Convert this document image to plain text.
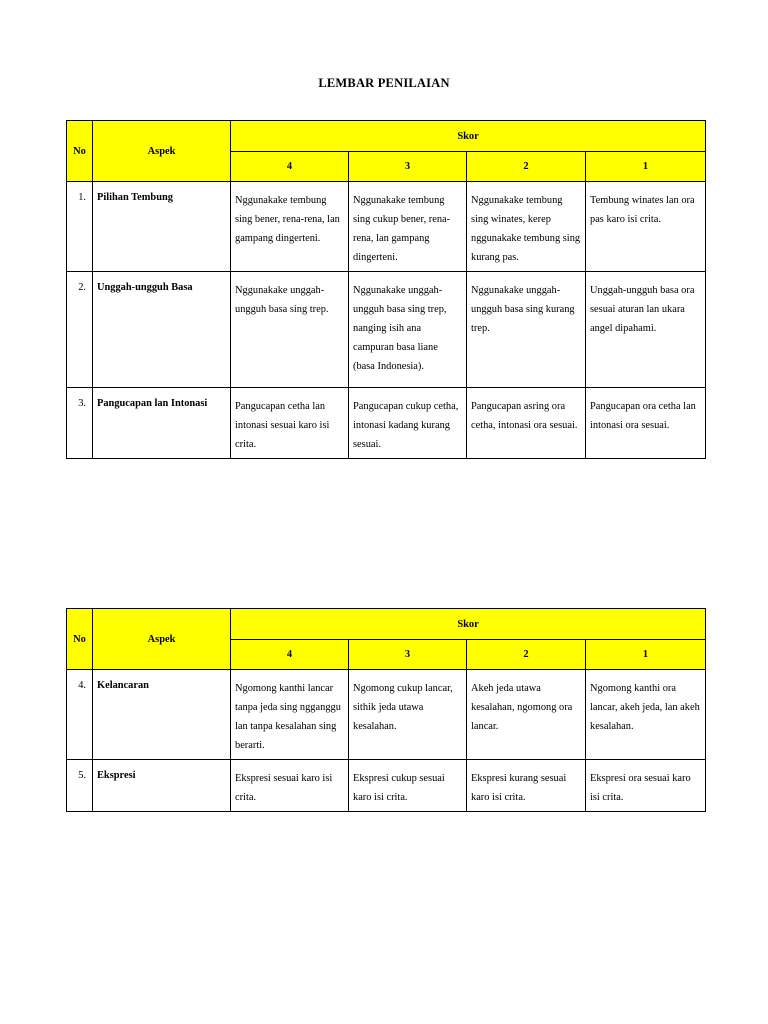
LEMBAR PENILAIAN
No	Aspek	Skor			
		4	3	2	1
1.	Pilihan Tembung	Nggunakake tembung sing bener, rena-rena, lan gampang dingerteni.	Nggunakake tembung sing cukup bener, rena-rena, lan gampang dingerteni.	Nggunakake tembung sing winates, kerep nggunakake tembung sing kurang pas.	Tembung winates lan ora pas karo isi crita.
2.	Unggah-ungguh Basa	Nggunakake unggah-ungguh basa sing trep.	Nggunakake unggah-ungguh basa sing trep, nanging isih ana campuran basa liane (basa Indonesia).	Nggunakake unggah-ungguh basa sing kurang trep.	Unggah-ungguh basa ora sesuai aturan lan ukara angel dipahami.
3.	Pangucapan lan Intonasi	Pangucapan cetha lan intonasi sesuai karo isi crita.	Pangucapan cukup cetha, intonasi kadang kurang sesuai.	Pangucapan asring ora cetha, intonasi ora sesuai.	Pangucapan ora cetha lan intonasi ora sesuai.
No	Aspek	Skor			
		4	3	2	1
4.	Kelancaran	Ngomong kanthi lancar tanpa jeda sing ngganggu lan tanpa kesalahan sing berarti.	Ngomong cukup lancar, sithik jeda utawa kesalahan.	Akeh jeda utawa kesalahan, ngomong ora lancar.	Ngomong kanthi ora lancar, akeh jeda, lan akeh kesalahan.
5.	Ekspresi	Ekspresi sesuai karo isi crita.	Ekspresi cukup sesuai karo isi crita.	Ekspresi kurang sesuai karo isi crita.	Ekspresi ora sesuai karo isi crita.
